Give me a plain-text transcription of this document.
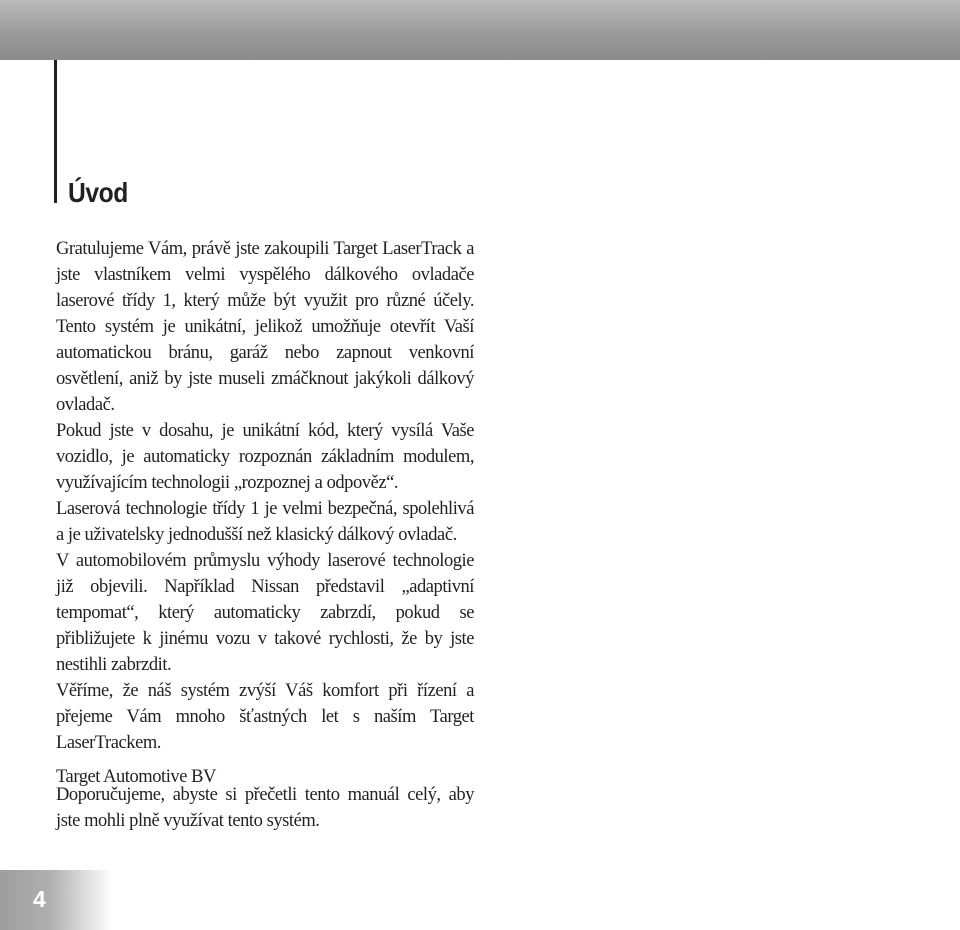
Úvod

Gratulujeme Vám, právě jste zakoupili Target LaserTrack a jste vlastníkem velmi vyspělého dálkového ovladače laserové třídy 1, který může být využit pro různé účely. Tento systém je unikátní, jelikož umožňuje otevřít Vaší automatickou bránu, garáž nebo zapnout venkovní osvětlení, aniž by jste museli zmáčknout jakýkoli dálkový ovladač.

Pokud jste v dosahu, je unikátní kód, který vysílá Vaše vozidlo, je automaticky rozpoznán základním modulem, využívajícím technologii „rozpoznej a odpověz“.

Laserová technologie třídy 1 je velmi bezpečná, spolehlivá a je uživatelsky jednodušší než klasický dálkový ovladač.

V automobilovém průmyslu výhody laserové technologie již objevili. Například Nissan představil „adaptivní tempomat“, který automaticky zabrzdí, pokud se přibližujete k jinému vozu v takové rychlosti, že by jste nestihli zabrzdit.

Věříme, že náš systém zvýší Váš komfort při řízení a přejeme Vám mnoho šťastných let s naším Target LaserTrackem.

Doporučujeme, abyste si přečetli tento manuál celý, aby jste mohli plně využívat tento systém.

Target Automotive BV

4
